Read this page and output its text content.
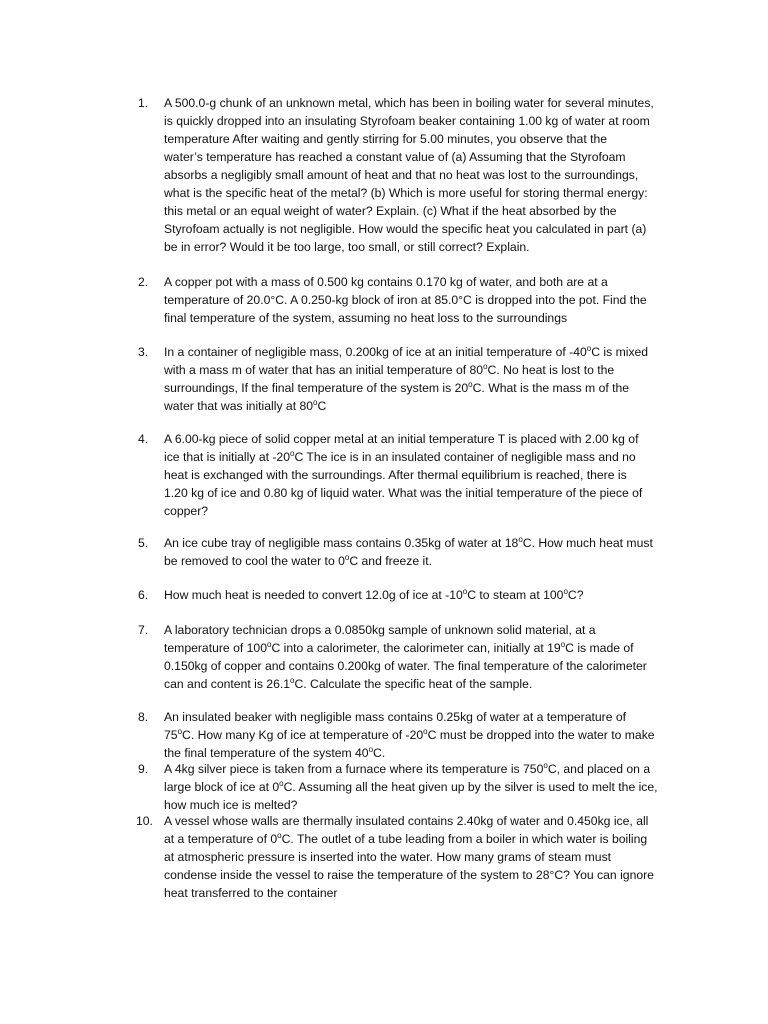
1.	A 500.0-g chunk of an unknown metal, which has been in boiling water for several minutes,
is quickly dropped into an insulating Styrofoam beaker containing 1.00 kg of water at room
temperature After waiting and gently stirring for 5.00 minutes, you observe that the
water’s temperature has reached a constant value of (a) Assuming that the Styrofoam
absorbs a negligibly small amount of heat and that no heat was lost to the surroundings,
what is the specific heat of the metal? (b) Which is more useful for storing thermal energy:
this metal or an equal weight of water? Explain. (c) What if the heat absorbed by the
Styrofoam actually is not negligible. How would the specific heat you calculated in part (a)
be in error? Would it be too large, too small, or still correct? Explain.
2.	A copper pot with a mass of 0.500 kg contains 0.170 kg of water, and both are at a
temperature of 20.0°C. A 0.250-kg block of iron at 85.0°C is dropped into the pot. Find the
final temperature of the system, assuming no heat loss to the surroundings
3.	In a container of negligible mass, 0.200kg of ice at an initial temperature of -40$^o$C is mixed
with a mass m of water that has an initial temperature of 80$^o$C. No heat is lost to the
surroundings, If the final temperature of the system is 20$^o$C. What is the mass m of the
water that was initially at 80$^o$C
4.	A 6.00-kg piece of solid copper metal at an initial temperature T is placed with 2.00 kg of
ice that is initially at -20$^o$C The ice is in an insulated container of negligible mass and no
heat is exchanged with the surroundings. After thermal equilibrium is reached, there is
1.20 kg of ice and 0.80 kg of liquid water. What was the initial temperature of the piece of
copper?
5.	An ice cube tray of negligible mass contains 0.35kg of water at 18$^o$C. How much heat must
be removed to cool the water to 0$^o$C and freeze it.
6.	How much heat is needed to convert 12.0g of ice at -10$^o$C to steam at 100$^o$C?
7.	A laboratory technician drops a 0.0850kg sample of unknown solid material, at a
temperature of 100$^o$C into a calorimeter, the calorimeter can, initially at 19$^o$C is made of
0.150kg of copper and contains 0.200kg of water. The final temperature of the calorimeter
can and content is 26.1$^o$C. Calculate the specific heat of the sample.
8.	An insulated beaker with negligible mass contains 0.25kg of water at a temperature of
75$^o$C. How many Kg of ice at temperature of -20$^o$C must be dropped into the water to make
the final temperature of the system 40$^o$C.
9.	A 4kg silver piece is taken from a furnace where its temperature is 750$^o$C, and placed on a
large block of ice at 0$^o$C. Assuming all the heat given up by the silver is used to melt the ice,
how much ice is melted?
10. A vessel whose walls are thermally insulated contains 2.40kg of water and 0.450kg ice, all
at a temperature of 0$^o$C. The outlet of a tube leading from a boiler in which water is boiling
at atmospheric pressure is inserted into the water. How many grams of steam must
condense inside the vessel to raise the temperature of the system to 28°C? You can ignore
heat transferred to the container
